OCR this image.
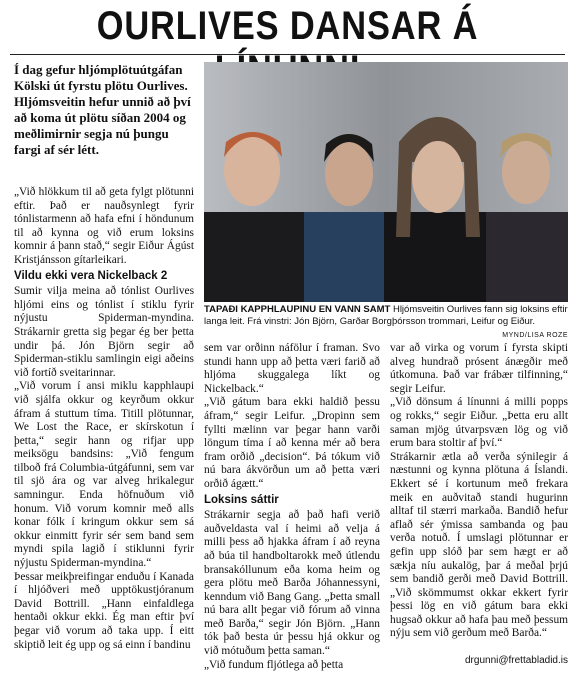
OURLIVES DANSAR Á
Í dag gefur hljómplötuútgáfan Kölski út fyrstu plötu Ourlives. Hljómsveitin hefur unnið að því að koma út plötu síðan 2004 og meðlimirnir segja nú þungu fargi af sér létt.
TAPAÐI KAPPHLAUPINU EN VANN SAMT Hljómsveitin Ourlives fann sig loksins eftir langa leit. Frá vinstri: Jón Björn, Garðar Borgþórsson trommari, Leifur og Eiður.
MYND/LISA ROZE

„Við hlökkum til að geta fylgt plötunni eftir. Það er nauðsynlegt fyrir tónlistarmenn að hafa efni í höndunum til að kynna og við erum loksins komnir á þann stað,“ segir Eiður Ágúst Kristjánsson gítarleikari.

Vildu ekki vera Nickelback 2

Sumir vilja meina að tónlist Ourlives hljómi eins og tónlist í stiklu fyrir nýjustu Spiderman-myndina. Strákarnir gretta sig þegar ég ber þetta undir þá. Jón Björn segir að Spiderman-stiklu samlingin eigi aðeins við fortíð sveitarinnar.

„Við vorum í ansi miklu kapphlaupi við sjálfa okkur og keyrðum okkur áfram á stuttum tíma. Titill plötunnar, We Lost the Race, er skírskotun í þetta,“ segir hann og rifjar upp meiksögu bandsins: „Við fengum tilboð frá Columbia-útgáfunni, sem var til sjö ára og var alveg hrikalegur samningur. Enda höfnuðum við honum. Við vorum komnir með alls konar fólk í kringum okkur sem sá okkur einmitt fyrir sér sem band sem myndi spila lagið í stiklunni fyrir nýjustu Spiderman-myndina.“

Þessar meikþreifingar enduðu í Kanada í hljóðveri með upptökustjóranum David Bottrill. „Hann einfaldlega hentaði okkur ekki. Ég man eftir því þegar við vorum að taka upp. Í eitt skiptið leit ég upp og sá einn í bandinu

sem var orðinn náfölur í framan. Svo stundi hann upp að þetta væri farið að hljóma skuggalega líkt og Nickelback.“

„Við gátum bara ekki haldið þessu áfram,“ segir Leifur. „Dropinn sem fyllti mælinn var þegar hann varði löngum tíma í að kenna mér að bera fram orðið „decision“. Þá tókum við nú bara ákvörðun um að þetta væri orðið ágætt.“

Loksins sáttir

Strákarnir segja að það hafi verið auðveldasta val í heimi að velja á milli þess að hjakka áfram í að reyna að búa til handboltarokk með útlendu bransakóllunum eða koma heim og gera plötu með Barða Jóhannessyni, kenndum við Bang Gang. „Þetta small nú bara allt þegar við fórum að vinna með Barða,“ segir Jón Björn. „Hann tók það besta úr þessu hjá okkur og við mótuðum þetta saman.“

„Við fundum fljótlega að þetta

var að virka og vorum í fyrsta skipti alveg hundrað prósent ánægðir með útkomuna. Það var frábær tilfinning,“ segir Leifur.

„Við dönsum á línunni á milli popps og rokks,“ segir Eiður. „Þetta eru allt saman mjög útvarpsvæn lög og við erum bara stoltir af því.“

Strákarnir ætla að verða sýnilegir á næstunni og kynna plötuna á Íslandi. Ekkert sé í kortunum með frekara meik en auðvitað standi hugurinn alltaf til stærri markaða. Bandið hefur aflað sér ýmissa sambanda og þau verða notuð. Í umslagi plötunnar er gefin upp slóð þar sem hægt er að sækja níu aukalög, þar á meðal þrjú sem bandið gerði með David Bottrill. „Við skömmumst okkar ekkert fyrir þessi lög en við gátum bara ekki hugsað okkur að hafa þau með þessum nýju sem við gerðum með Barða.“

drgunni@frettabladid.is
